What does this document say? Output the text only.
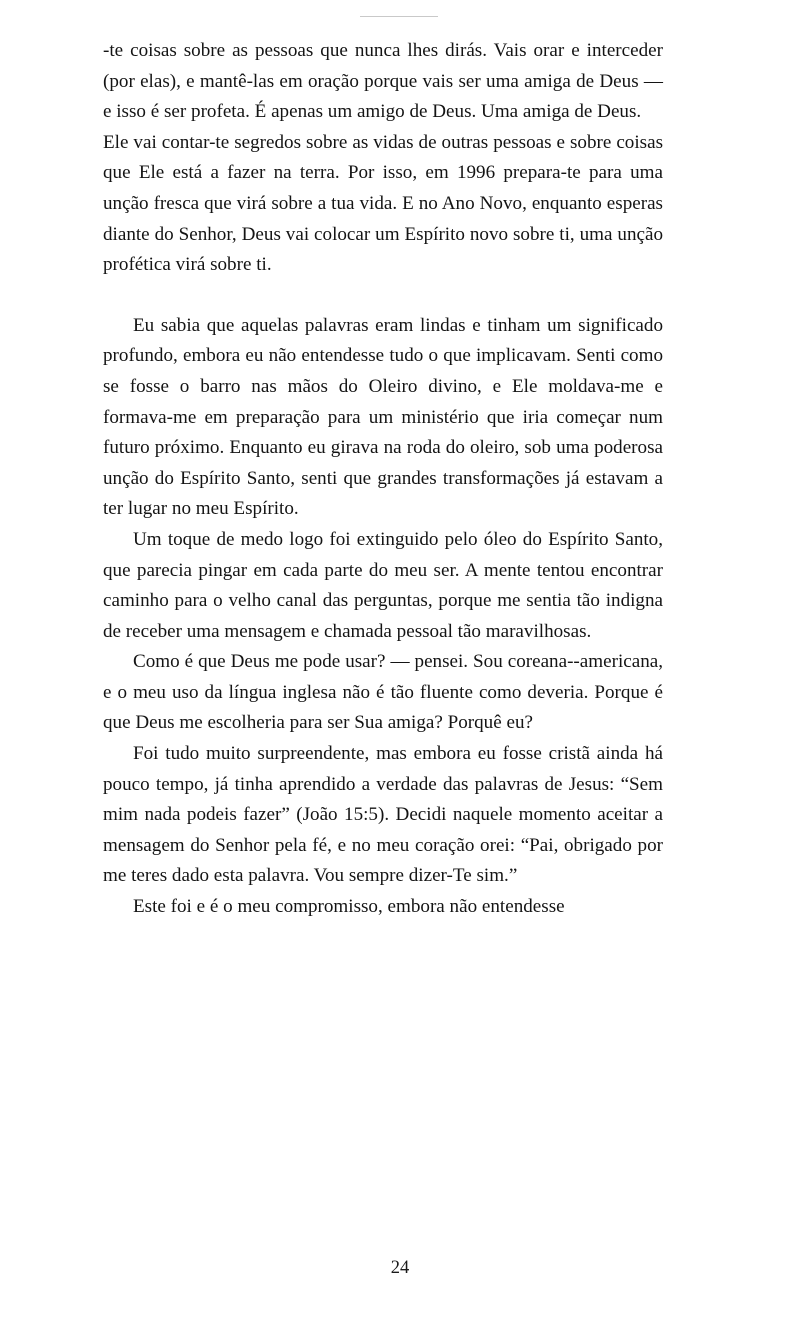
-te coisas sobre as pessoas que nunca lhes dirás. Vais orar e interceder (por elas), e mantê-las em oração porque vais ser uma amiga de Deus — e isso é ser profeta. É apenas um amigo de Deus. Uma amiga de Deus.

Ele vai contar-te segredos sobre as vidas de outras pessoas e sobre coisas que Ele está a fazer na terra. Por isso, em 1996 prepara-te para uma unção fresca que virá sobre a tua vida. E no Ano Novo, enquanto esperas diante do Senhor, Deus vai colocar um Espírito novo sobre ti, uma unção profética virá sobre ti.

Eu sabia que aquelas palavras eram lindas e tinham um significado profundo, embora eu não entendesse tudo o que implicavam. Senti como se fosse o barro nas mãos do Oleiro divino, e Ele moldava-me e formava-me em preparação para um ministério que iria começar num futuro próximo. Enquanto eu girava na roda do oleiro, sob uma poderosa unção do Espírito Santo, senti que grandes transformações já estavam a ter lugar no meu Espírito.

Um toque de medo logo foi extinguido pelo óleo do Espírito Santo, que parecia pingar em cada parte do meu ser. A mente tentou encontrar caminho para o velho canal das perguntas, porque me sentia tão indigna de receber uma mensagem e chamada pessoal tão maravilhosas.

Como é que Deus me pode usar? — pensei. Sou coreana--americana, e o meu uso da língua inglesa não é tão fluente como deveria. Porque é que Deus me escolheria para ser Sua amiga? Porquê eu?

Foi tudo muito surpreendente, mas embora eu fosse cristã ainda há pouco tempo, já tinha aprendido a verdade das palavras de Jesus: “Sem mim nada podeis fazer” (João 15:5). Decidi naquele momento aceitar a mensagem do Senhor pela fé, e no meu coração orei: “Pai, obrigado por me teres dado esta palavra. Vou sempre dizer-Te sim.”

Este foi e é o meu compromisso, embora não entendesse

24
